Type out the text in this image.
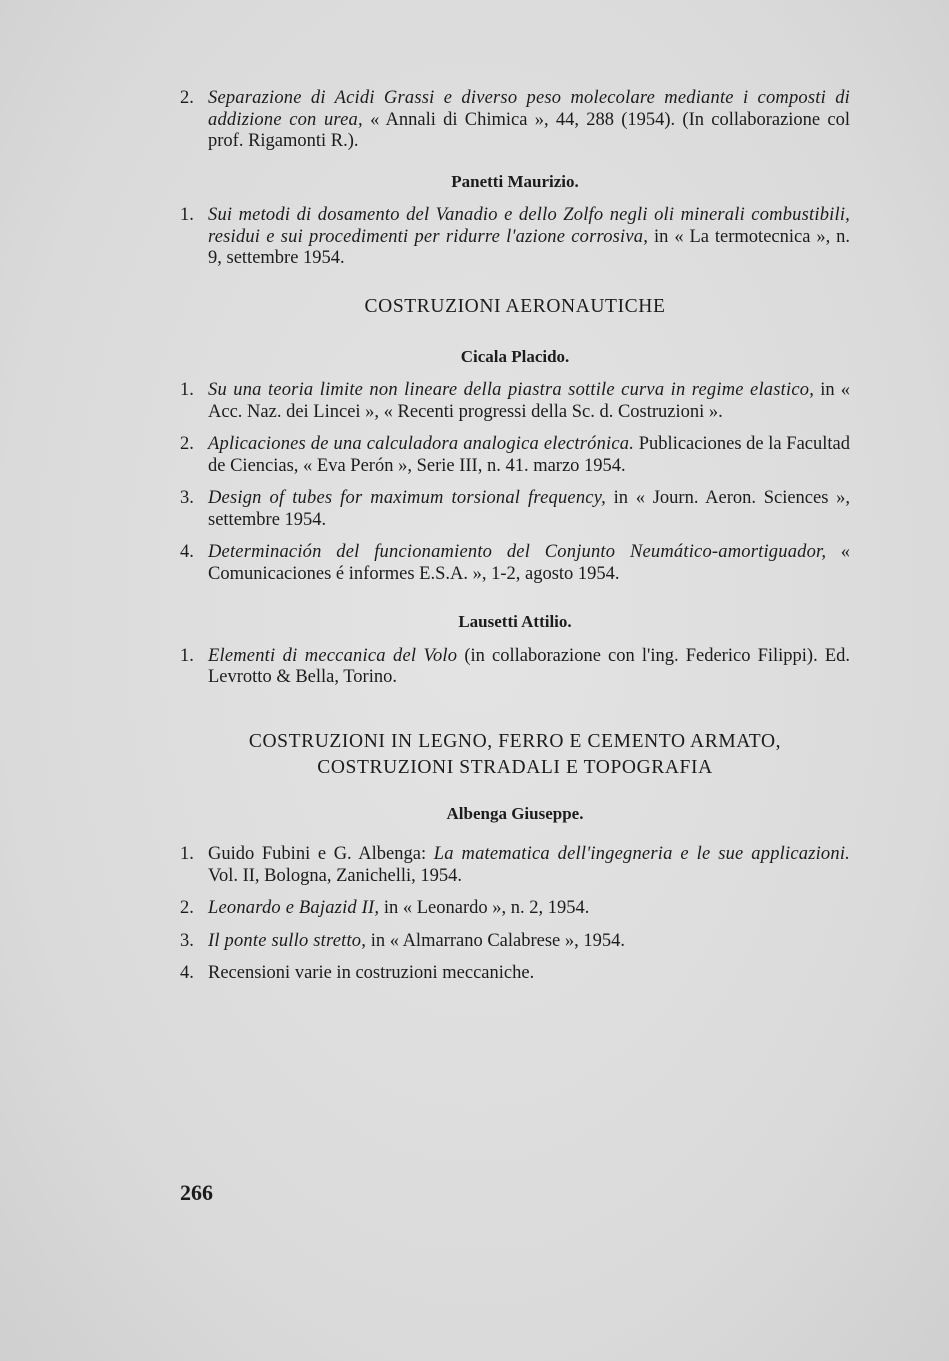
2. Separazione di Acidi Grassi e diverso peso molecolare mediante i composti di addizione con urea, « Annali di Chimica », 44, 288 (1954). (In collaborazione col prof. Rigamonti R.).
Panetti Maurizio.
1. Sui metodi di dosamento del Vanadio e dello Zolfo negli oli minerali combustibili, residui e sui procedimenti per ridurre l'azione corrosiva, in « La termotecnica », n. 9, settembre 1954.
COSTRUZIONI AERONAUTICHE
Cicala Placido.
1. Su una teoria limite non lineare della piastra sottile curva in regime elastico, in « Acc. Naz. dei Lincei », « Recenti progressi della Sc. d. Costruzioni ».
2. Aplicaciones de una calculadora analogica electrónica. Publicaciones de la Facultad de Ciencias, « Eva Perón », Serie III, n. 41. marzo 1954.
3. Design of tubes for maximum torsional frequency, in « Journ. Aeron. Sciences », settembre 1954.
4. Determinación del funcionamiento del Conjunto Neumático-amortiguador, « Comunicaciones é informes E.S.A. », 1-2, agosto 1954.
Lausetti Attilio.
1. Elementi di meccanica del Volo (in collaborazione con l'ing. Federico Filippi). Ed. Levrotto & Bella, Torino.
COSTRUZIONI IN LEGNO, FERRO E CEMENTO ARMATO,
COSTRUZIONI STRADALI E TOPOGRAFIA
Albenga Giuseppe.
1. Guido Fubini e G. Albenga: La matematica dell'ingegneria e le sue applicazioni. Vol. II, Bologna, Zanichelli, 1954.
2. Leonardo e Bajazid II, in « Leonardo », n. 2, 1954.
3. Il ponte sullo stretto, in « Almarrano Calabrese », 1954.
4. Recensioni varie in costruzioni meccaniche.
266
